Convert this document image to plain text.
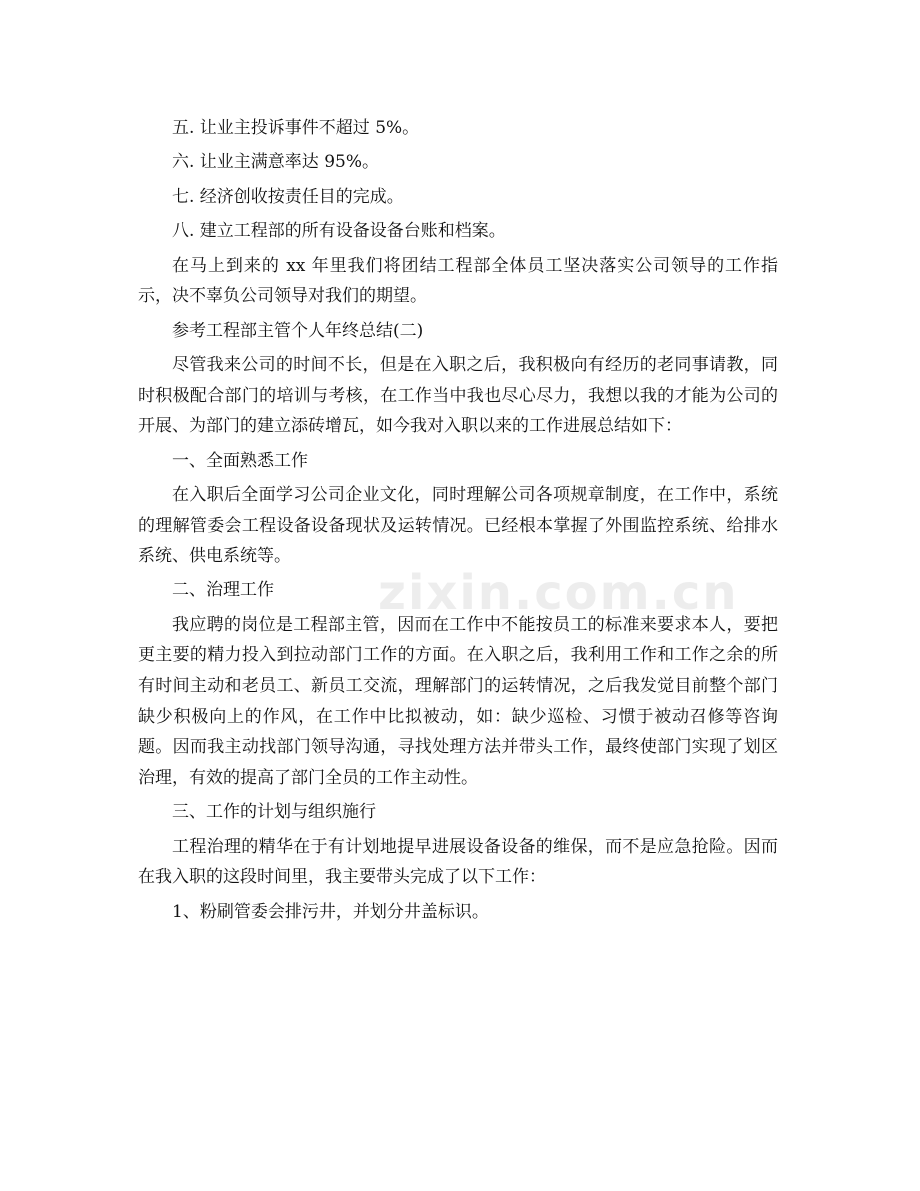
五. 让业主投诉事件不超过 5%。

六. 让业主满意率达 95%。

七. 经济创收按责任目的完成。

八. 建立工程部的所有设备设备台账和档案。

在马上到来的 xx 年里我们将团结工程部全体员工坚决落实公司领导的工作指示，决不辜负公司领导对我们的期望。

参考工程部主管个人年终总结(二)

尽管我来公司的时间不长，但是在入职之后，我积极向有经历的老同事请教，同时积极配合部门的培训与考核，在工作当中我也尽心尽力，我想以我的才能为公司的开展、为部门的建立添砖增瓦，如今我对入职以来的工作进展总结如下：

一、全面熟悉工作

在入职后全面学习公司企业文化，同时理解公司各项规章制度，在工作中，系统的理解管委会工程设备设备现状及运转情况。已经根本掌握了外围监控系统、给排水系统、供电系统等。

二、治理工作

我应聘的岗位是工程部主管，因而在工作中不能按员工的标准来要求本人，要把更主要的精力投入到拉动部门工作的方面。在入职之后，我利用工作和工作之余的所有时间主动和老员工、新员工交流，理解部门的运转情况，之后我发觉目前整个部门缺少积极向上的作风，在工作中比拟被动，如：缺少巡检、习惯于被动召修等咨询题。因而我主动找部门领导沟通，寻找处理方法并带头工作，最终使部门实现了划区治理，有效的提高了部门全员的工作主动性。

三、工作的计划与组织施行

工程治理的精华在于有计划地提早进展设备设备的维保，而不是应急抢险。因而在我入职的这段时间里，我主要带头完成了以下工作：

1、粉刷管委会排污井，并划分井盖标识。

zixin.com.cn
